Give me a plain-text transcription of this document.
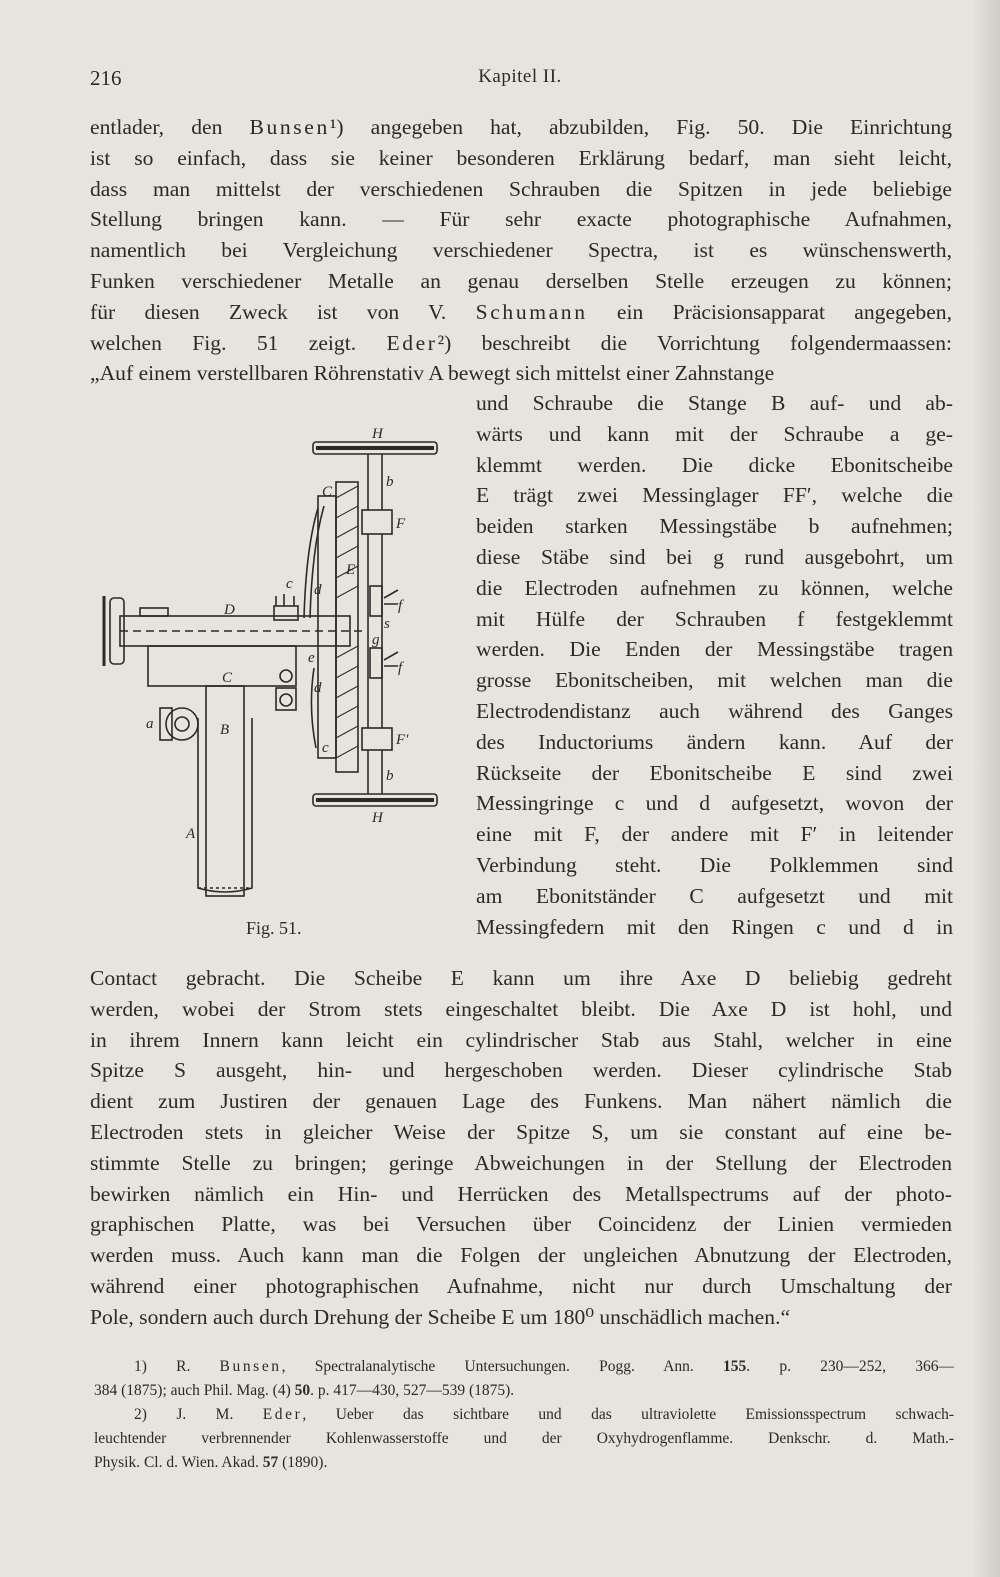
216	Kapitel II.
entlader, den Bunsen¹) angegeben hat, abzubilden, Fig. 50. Die Einrichtung
ist so einfach, dass sie keiner besonderen Erklärung bedarf, man sieht leicht,
dass man mittelst der verschiedenen Schrauben die Spitzen in jede beliebige
Stellung bringen kann. — Für sehr exacte photographische Aufnahmen,
namentlich bei Vergleichung verschiedener Spectra, ist es wünschenswerth,
Funken verschiedener Metalle an genau derselben Stelle erzeugen zu können;
für diesen Zweck ist von V. Schumann ein Präcisionsapparat angegeben,
welchen Fig. 51 zeigt. Eder²) beschreibt die Vorrichtung folgendermaassen:
„Auf einem verstellbaren Röhrenstativ A bewegt sich mittelst einer Zahnstange
H
H
b
b
C
C
c
c
d
d
e
F
F′
f
f
s
g
E
D
a	B
A
Fig. 51.
und Schraube die Stange B auf- und ab-
wärts und kann mit der Schraube a ge-
klemmt werden. Die dicke Ebonitscheibe
E trägt zwei Messinglager FF′, welche die
beiden starken Messingstäbe b aufnehmen;
diese Stäbe sind bei g rund ausgebohrt, um
die Electroden aufnehmen zu können, welche
mit Hülfe der Schrauben f festgeklemmt
werden. Die Enden der Messingstäbe tragen
grosse Ebonitscheiben, mit welchen man die
Electrodendistanz auch während des Ganges
des Inductoriums ändern kann. Auf der
Rückseite der Ebonitscheibe E sind zwei
Messingringe c und d aufgesetzt, wovon der
eine mit F, der andere mit F′ in leitender
Verbindung steht. Die Polklemmen sind
am Ebonitständer C aufgesetzt und mit
Messingfedern mit den Ringen c und d in
Contact gebracht. Die Scheibe E kann um ihre Axe D beliebig gedreht
werden, wobei der Strom stets eingeschaltet bleibt. Die Axe D ist hohl, und
in ihrem Innern kann leicht ein cylindrischer Stab aus Stahl, welcher in eine
Spitze S ausgeht, hin- und hergeschoben werden. Dieser cylindrische Stab
dient zum Justiren der genauen Lage des Funkens. Man nähert nämlich die
Electroden stets in gleicher Weise der Spitze S, um sie constant auf eine be-
stimmte Stelle zu bringen; geringe Abweichungen in der Stellung der Electroden
bewirken nämlich ein Hin- und Herrücken des Metallspectrums auf der photo-
graphischen Platte, was bei Versuchen über Coincidenz der Linien vermieden
werden muss. Auch kann man die Folgen der ungleichen Abnutzung der Electroden,
während einer photographischen Aufnahme, nicht nur durch Umschaltung der
Pole, sondern auch durch Drehung der Scheibe E um 180⁰ unschädlich machen.“
1) R. Bunsen, Spectralanalytische Untersuchungen. Pogg. Ann. 155. p. 230—252, 366—
384 (1875); auch Phil. Mag. (4) 50. p. 417—430, 527—539 (1875).
2) J. M. Eder, Ueber das sichtbare und das ultraviolette Emissionsspectrum schwach-
leuchtender verbrennender Kohlenwasserstoffe und der Oxyhydrogenflamme. Denkschr. d. Math.-
Physik. Cl. d. Wien. Akad. 57 (1890).
